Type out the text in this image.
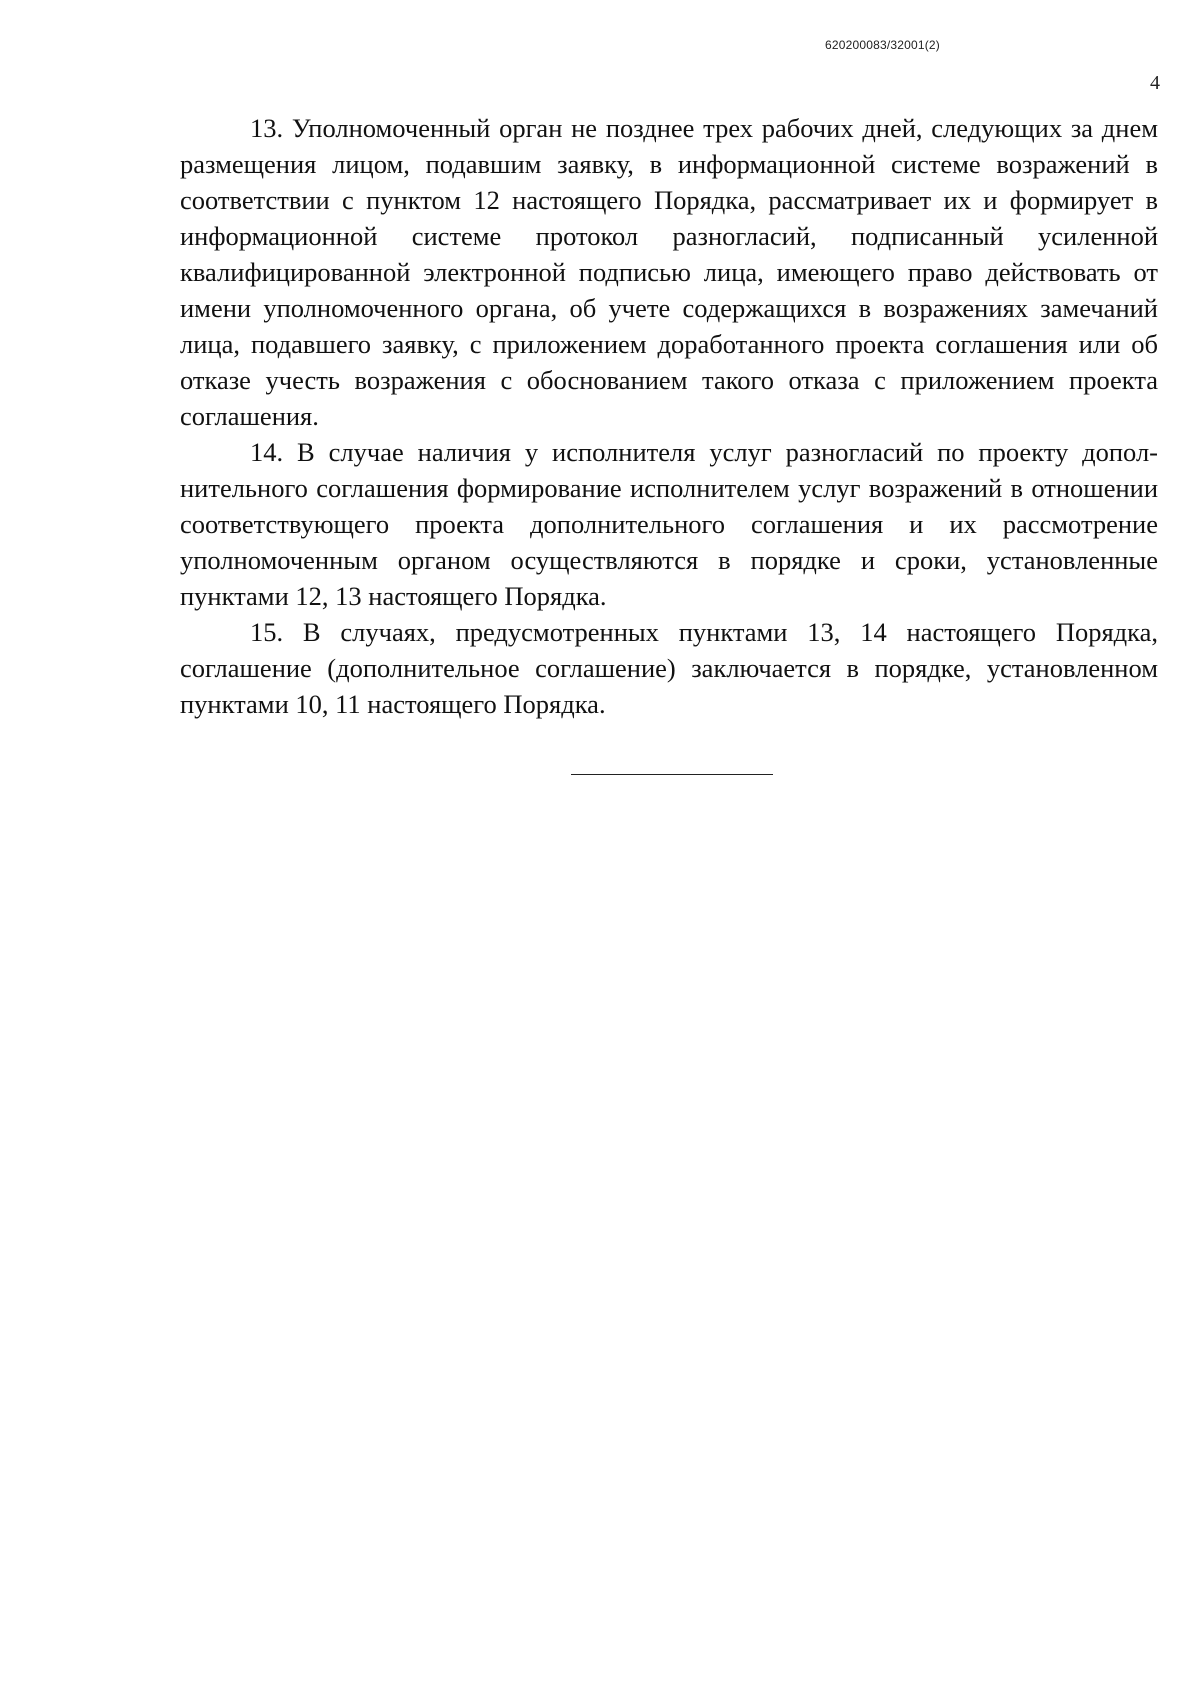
620200083/32001(2)
4

13. Уполномоченный орган не позднее трех рабочих дней, следующих за днем размещения лицом, подавшим заявку, в информационной системе возражений в соответствии с пунктом 12 настоящего Порядка, рассматривает их и формирует в информационной системе протокол разногласий, подписанный усиленной квалифицированной электронной подписью лица, имеющего право действовать от имени уполномоченного органа, об учете содержащихся в возражениях замечаний лица, подавшего заявку, с приложением доработанного проекта соглашения или об отказе учесть возражения с обоснованием такого отказа с приложением проекта соглашения.

14. В случае наличия у исполнителя услуг разногласий по проекту дополнительного соглашения формирование исполнителем услуг возражений в отношении соответствующего проекта дополнительного соглашения и их рассмотрение уполномоченным органом осуществляются в порядке и сроки, установленные пунктами 12, 13 настоящего Порядка.

15. В случаях, предусмотренных пунктами 13, 14 настоящего Порядка, соглашение (дополнительное соглашение) заключается в порядке, установленном пунктами 10, 11 настоящего Порядка.
